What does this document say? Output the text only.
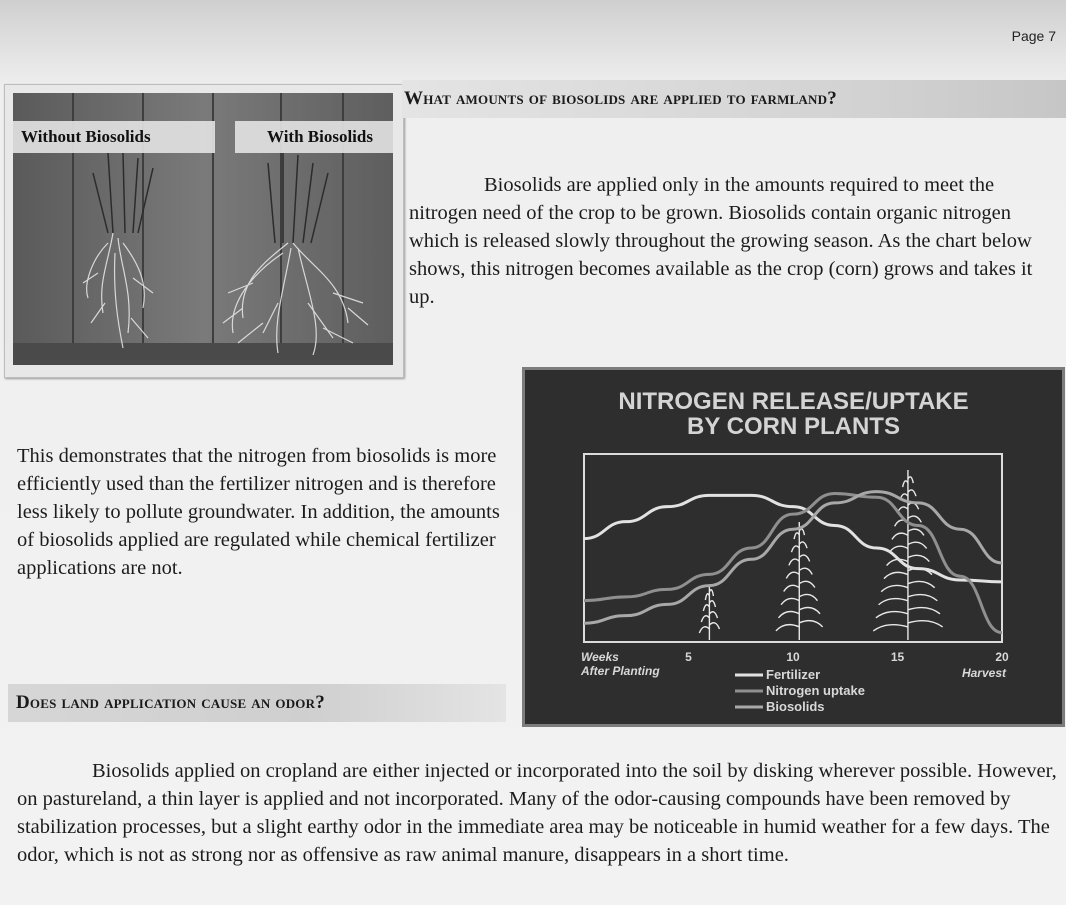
Page 7
Without Biosolids	With Biosolids
What amounts of biosolids are applied to farmland?
Biosolids are applied only in the amounts required to meet the nitrogen need of the crop to be grown. Biosolids contain organic nitrogen which is released slowly throughout the growing season. As the chart below shows, this nitrogen becomes available as the crop (corn) grows and takes it up.
This demonstrates that the nitrogen from biosolids is more efficiently used than the fertilizer nitrogen and is therefore less likely to pollute groundwater. In addition, the amounts of biosolids applied are regulated while chemical fertilizer applications are not.
NITROGEN RELEASE/UPTAKE
BY CORN PLANTS
Weeks
After Planting
5	10	15	20
Harvest
Fertilizer
Nitrogen uptake
Biosolids
Does land application cause an odor?
Biosolids applied on cropland are either injected or incorporated into the soil by disking wherever possible. However, on pastureland, a thin layer is applied and not incorporated. Many of the odor-causing compounds have been removed by stabilization processes, but a slight earthy odor in the immediate area may be noticeable in humid weather for a few days. The odor, which is not as strong nor as offensive as raw animal manure, disappears in a short time.
